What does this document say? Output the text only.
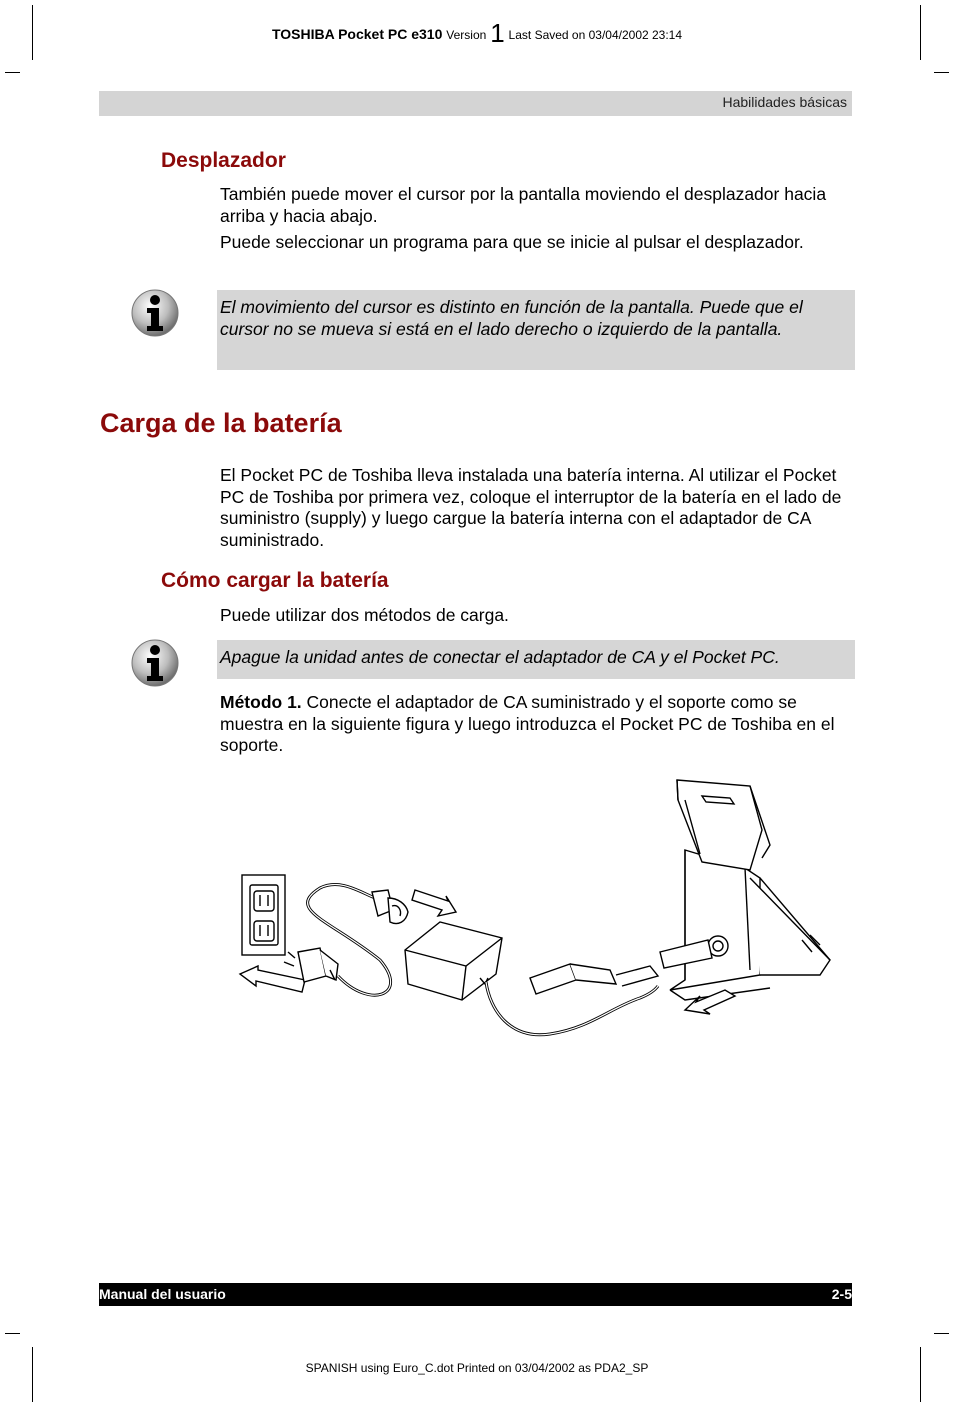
TOSHIBA Pocket PC e310 Version 1 Last Saved on 03/04/2002 23:14
Habilidades básicas
Desplazador

También puede mover el cursor por la pantalla moviendo el desplazador hacia arriba y hacia abajo.

Puede seleccionar un programa para que se inicie al pulsar el desplazador.

El movimiento del cursor es distinto en función de la pantalla. Puede que el cursor no se mueva si está en el lado derecho o izquierdo de la pantalla.

Carga de la batería

El Pocket PC de Toshiba lleva instalada una batería interna. Al utilizar el Pocket PC de Toshiba por primera vez, coloque el interruptor de la batería en el lado de suministro (supply) y luego cargue la batería interna con el adaptador de CA suministrado.

Cómo cargar la batería

Puede utilizar dos métodos de carga.

Apague la unidad antes de conectar el adaptador de CA y el Pocket PC.

Método 1. Conecte el adaptador de CA suministrado y el soporte como se muestra en la siguiente figura y luego introduzca el Pocket PC de Toshiba en el soporte.

Manual del usuario	2-5
SPANISH using Euro_C.dot Printed on 03/04/2002 as PDA2_SP
